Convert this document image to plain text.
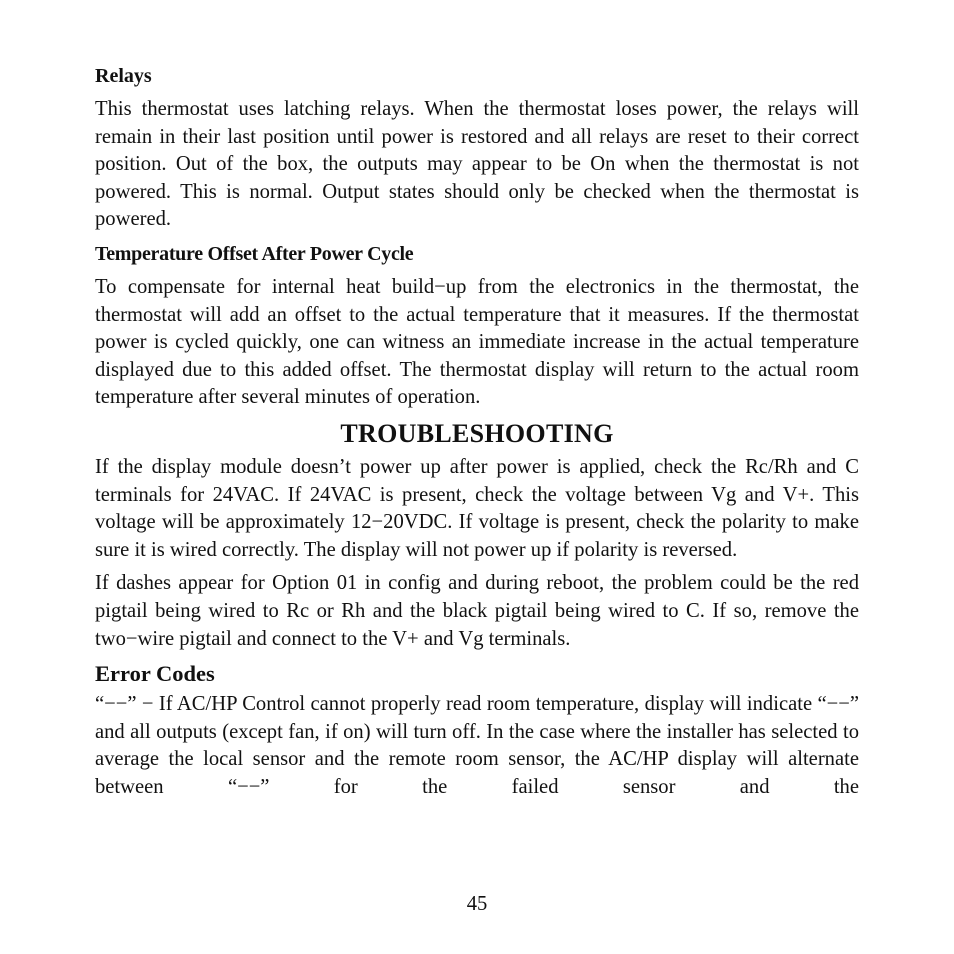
Relays
This thermostat uses latching relays. When the thermostat loses power, the relays will remain in their last position until power is restored and all relays are reset to their correct position. Out of the box, the outputs may appear to be On when the thermostat is not powered. This is normal. Output states should only be checked when the thermostat is powered.
Temperature Offset After Power Cycle
To compensate for internal heat build−up from the electronics in the thermostat, the thermostat will add an offset to the actual temperature that it measures. If the thermostat power is cycled quickly, one can witness an immediate increase in the actual temperature displayed due to this added offset. The thermostat display will return to the actual room temperature after several minutes of operation.
TROUBLESHOOTING
If the display module doesn’t power up after power is applied, check the Rc/Rh and C terminals for 24VAC. If 24VAC is present, check the voltage between Vg and V+. This voltage will be approximately 12−20VDC. If voltage is present, check the polarity to make sure it is wired correctly. The display will not power up if polarity is reversed.
If dashes appear for Option 01 in config and during reboot, the problem could be the red pigtail being wired to Rc or Rh and the black pigtail being wired to C. If so, remove the two−wire pigtail and connect to the V+ and Vg terminals.
Error Codes
“−−” − If AC/HP Control cannot properly read room temperature, display will indicate “−−” and all outputs (except fan, if on) will turn off. In the case where the installer has selected to average the local sensor and the remote room sensor, the AC/HP display will alternate between “−−” for the failed sensor and the
45
